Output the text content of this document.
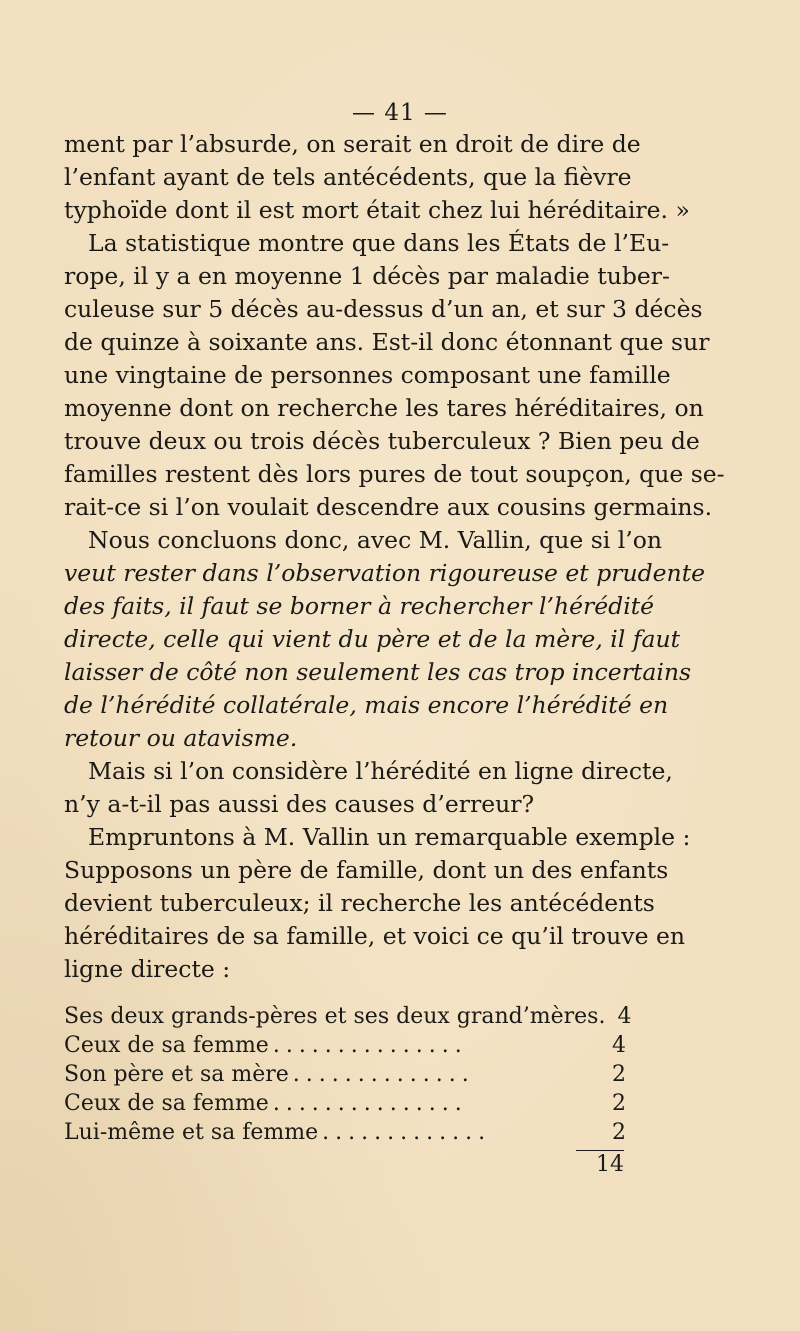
— 41 —
ment par l’absurde, on serait en droit de dire de
l’enfant ayant de tels antécédents, que la fièvre
typhoïde dont il est mort était chez lui héréditaire. »
La statistique montre que dans les États de l’Eu-
rope, il y a en moyenne 1 décès par maladie tuber-
culeuse sur 5 décès au-dessus d’un an, et sur 3 décès
de quinze à soixante ans. Est-il donc étonnant que sur
une vingtaine de personnes composant une famille
moyenne dont on recherche les tares héréditaires, on
trouve deux ou trois décès tuberculeux ? Bien peu de
familles restent dès lors pures de tout soupçon, que se-
rait-ce si l’on voulait descendre aux cousins germains.
Nous concluons donc, avec M. Vallin, que si l’on
veut rester dans l’observation rigoureuse et prudente
des faits, il faut se borner à rechercher l’hérédité
directe, celle qui vient du père et de la mère, il faut
laisser de côté non seulement les cas trop incertains
de l’hérédité collatérale, mais encore l’hérédité en
retour ou atavisme.
Mais si l’on considère l’hérédité en ligne directe,
n’y a-t-il pas aussi des causes d’erreur?
Empruntons à M. Vallin un remarquable exemple :
Supposons un père de famille, dont un des enfants
devient tuberculeux; il recherche les antécédents
héréditaires de sa famille, et voici ce qu’il trouve en
ligne directe :
Ses deux grands-pères et ses deux grand’mères. 4
Ceux de sa femme ...............	4
Son père et sa mère ..............	2
Ceux de sa femme ...............	2
Lui-même et sa femme .............	2
14
